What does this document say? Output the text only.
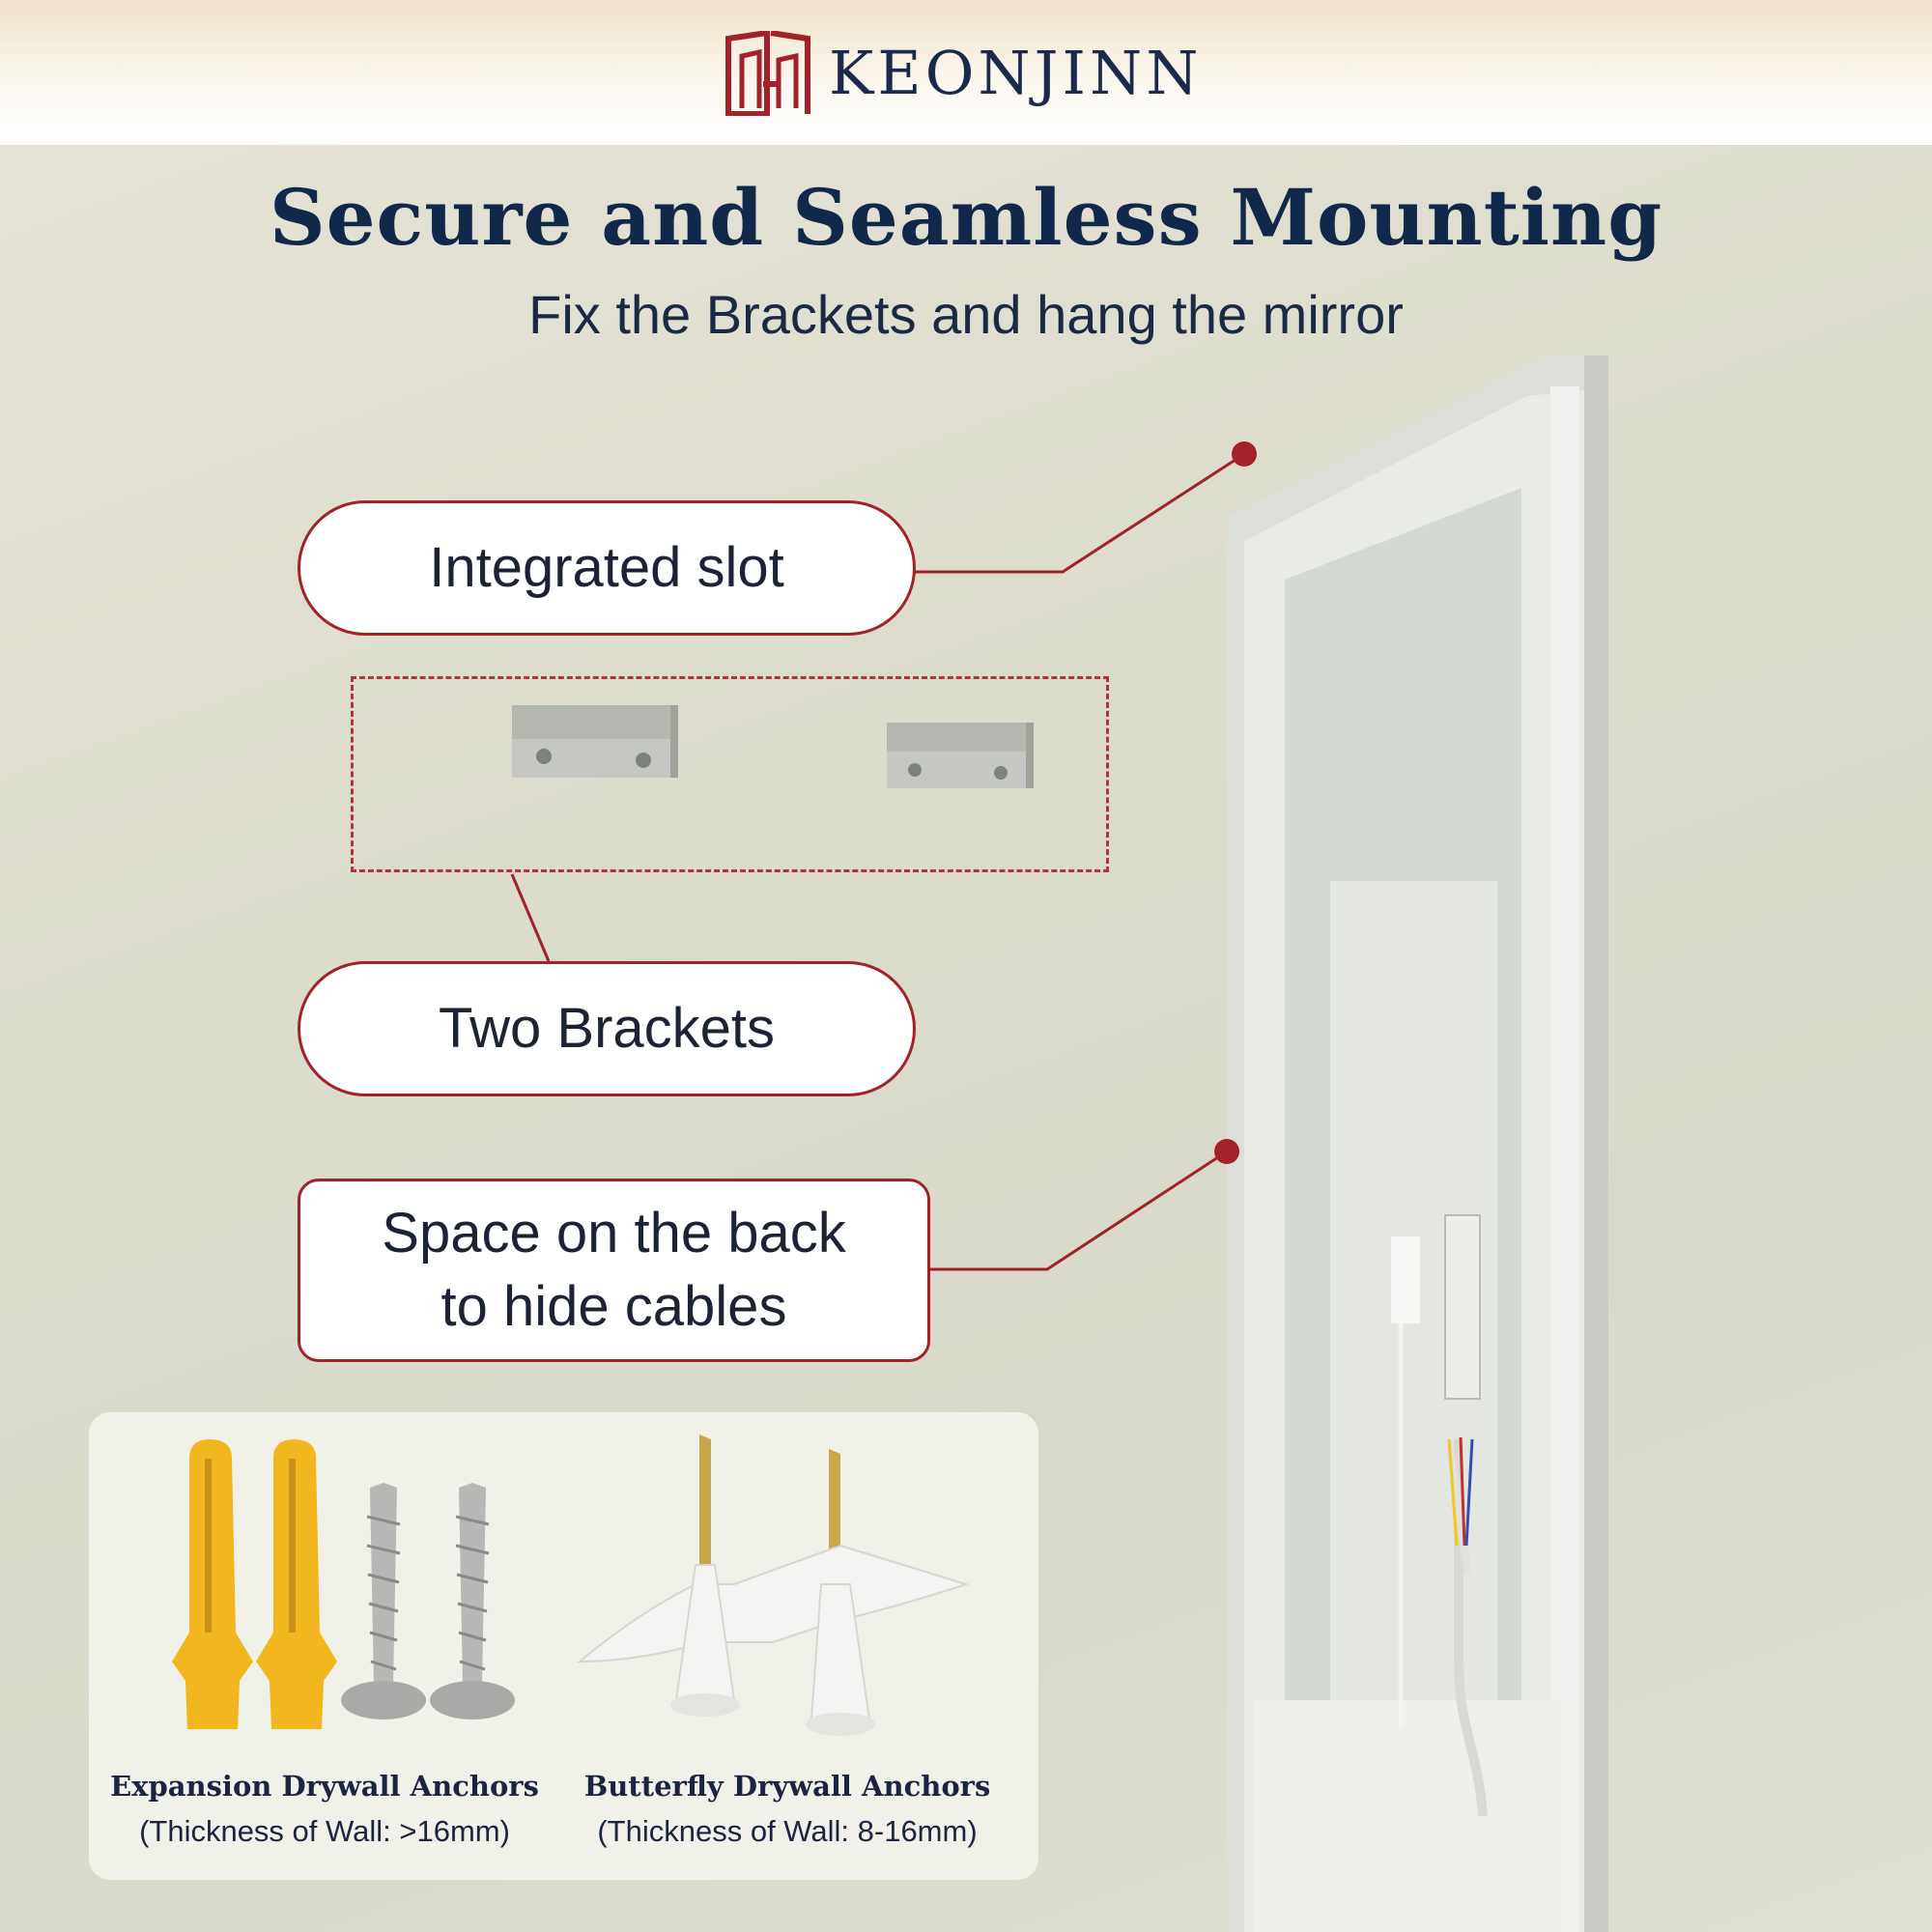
KEONJINN
Secure and Seamless Mounting
Fix the Brackets and hang the mirror
Integrated slot
Two Brackets
Space on the back
to hide cables
Expansion Drywall Anchors
(Thickness of Wall: >16mm)
Butterfly Drywall Anchors
(Thickness of Wall: 8-16mm)
